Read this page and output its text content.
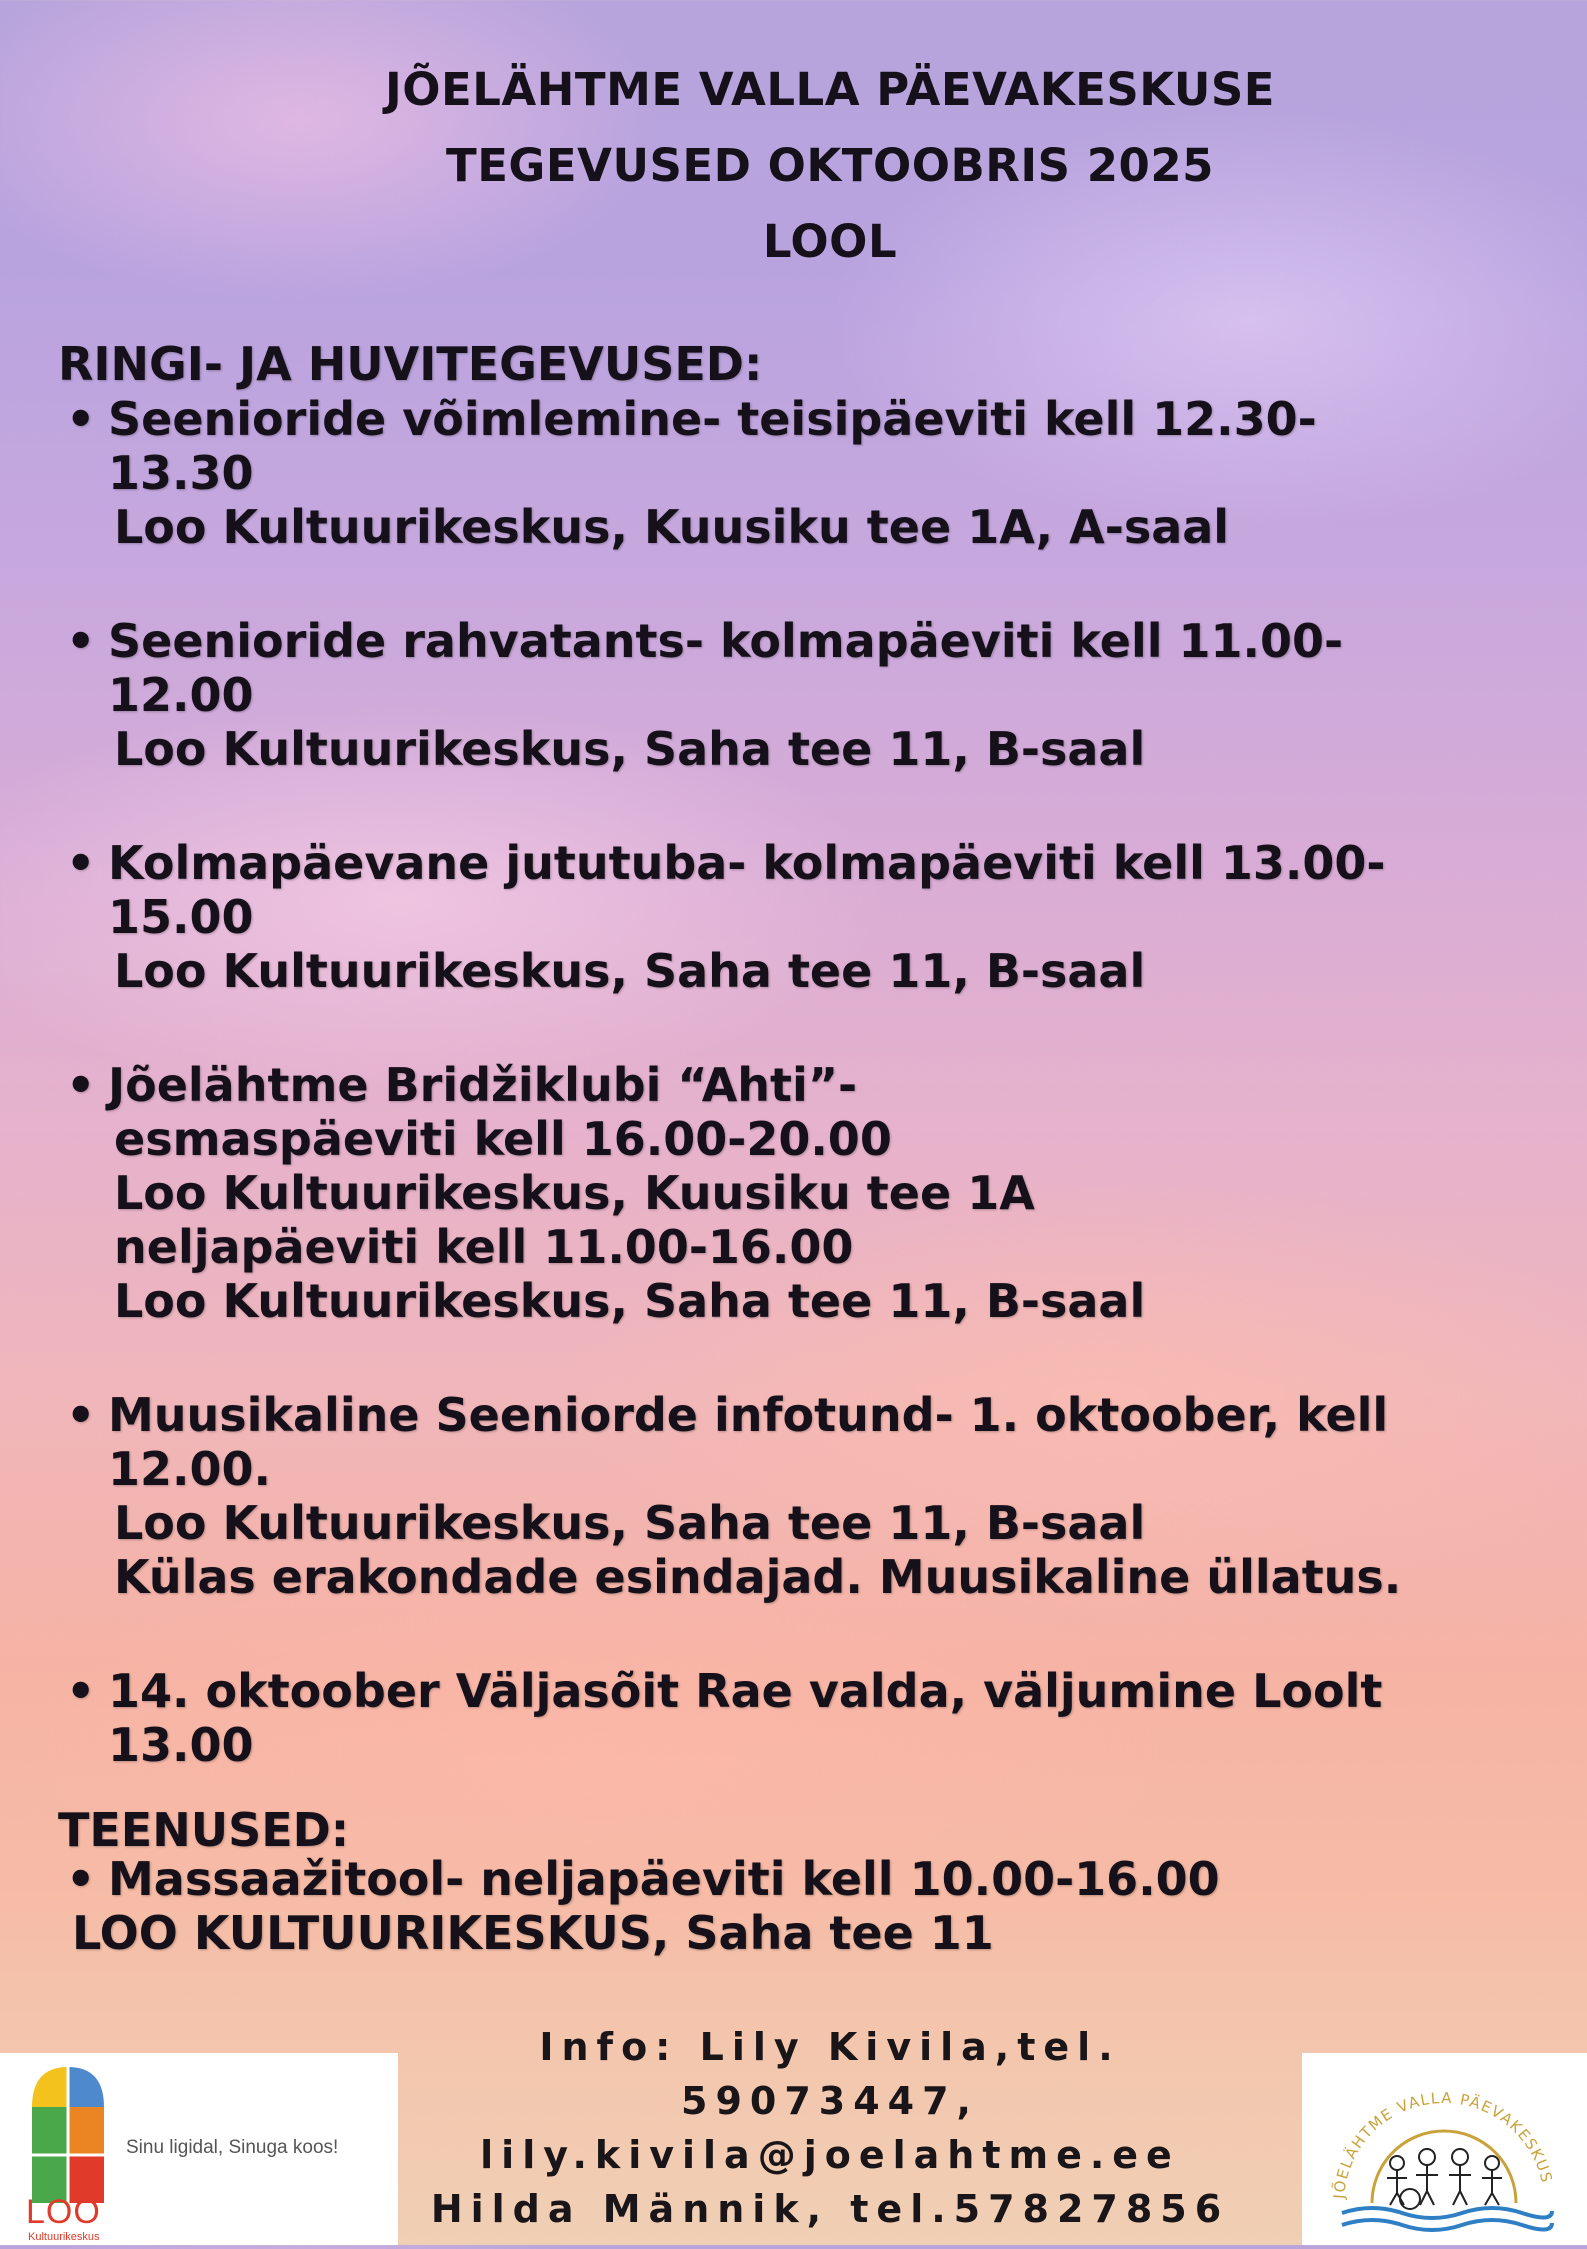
JÕELÄHTME VALLA PÄEVAKESKUSE
TEGEVUSED OKTOOBRIS 2025
LOOL
RINGI- JA HUVITEGEVUSED:
• Seenioride võimlemine- teisipäeviti kell 12.30-
13.30
Loo Kultuurikeskus, Kuusiku tee 1A, A-saal
• Seenioride rahvatants- kolmapäeviti kell 11.00-
12.00
Loo Kultuurikeskus, Saha tee 11, B-saal
• Kolmapäevane jututuba- kolmapäeviti kell 13.00-
15.00
Loo Kultuurikeskus, Saha tee 11, B-saal
• Jõelähtme Bridžiklubi “Ahti”-
esmaspäeviti kell 16.00-20.00
Loo Kultuurikeskus, Kuusiku tee 1A
neljapäeviti kell 11.00-16.00
Loo Kultuurikeskus, Saha tee 11, B-saal
• Muusikaline Seeniorde infotund- 1. oktoober, kell
12.00.
Loo Kultuurikeskus, Saha tee 11, B-saal
Külas erakondade esindajad. Muusikaline üllatus.
• 14. oktoober Väljasõit Rae valda, väljumine Loolt
13.00
TEENUSED:
• Massaažitool- neljapäeviti kell 10.00-16.00
LOO KULTUURIKESKUS, Saha tee 11
Info: Lily Kivila,tel. 59073447,
lily.kivila@joelahtme.ee
Hilda Männik, tel.57827856
LOO
Kultuurikeskus
Sinu ligidal, Sinuga koos!
JÕELÄHTME VALLA PÄEVAKESKUS
